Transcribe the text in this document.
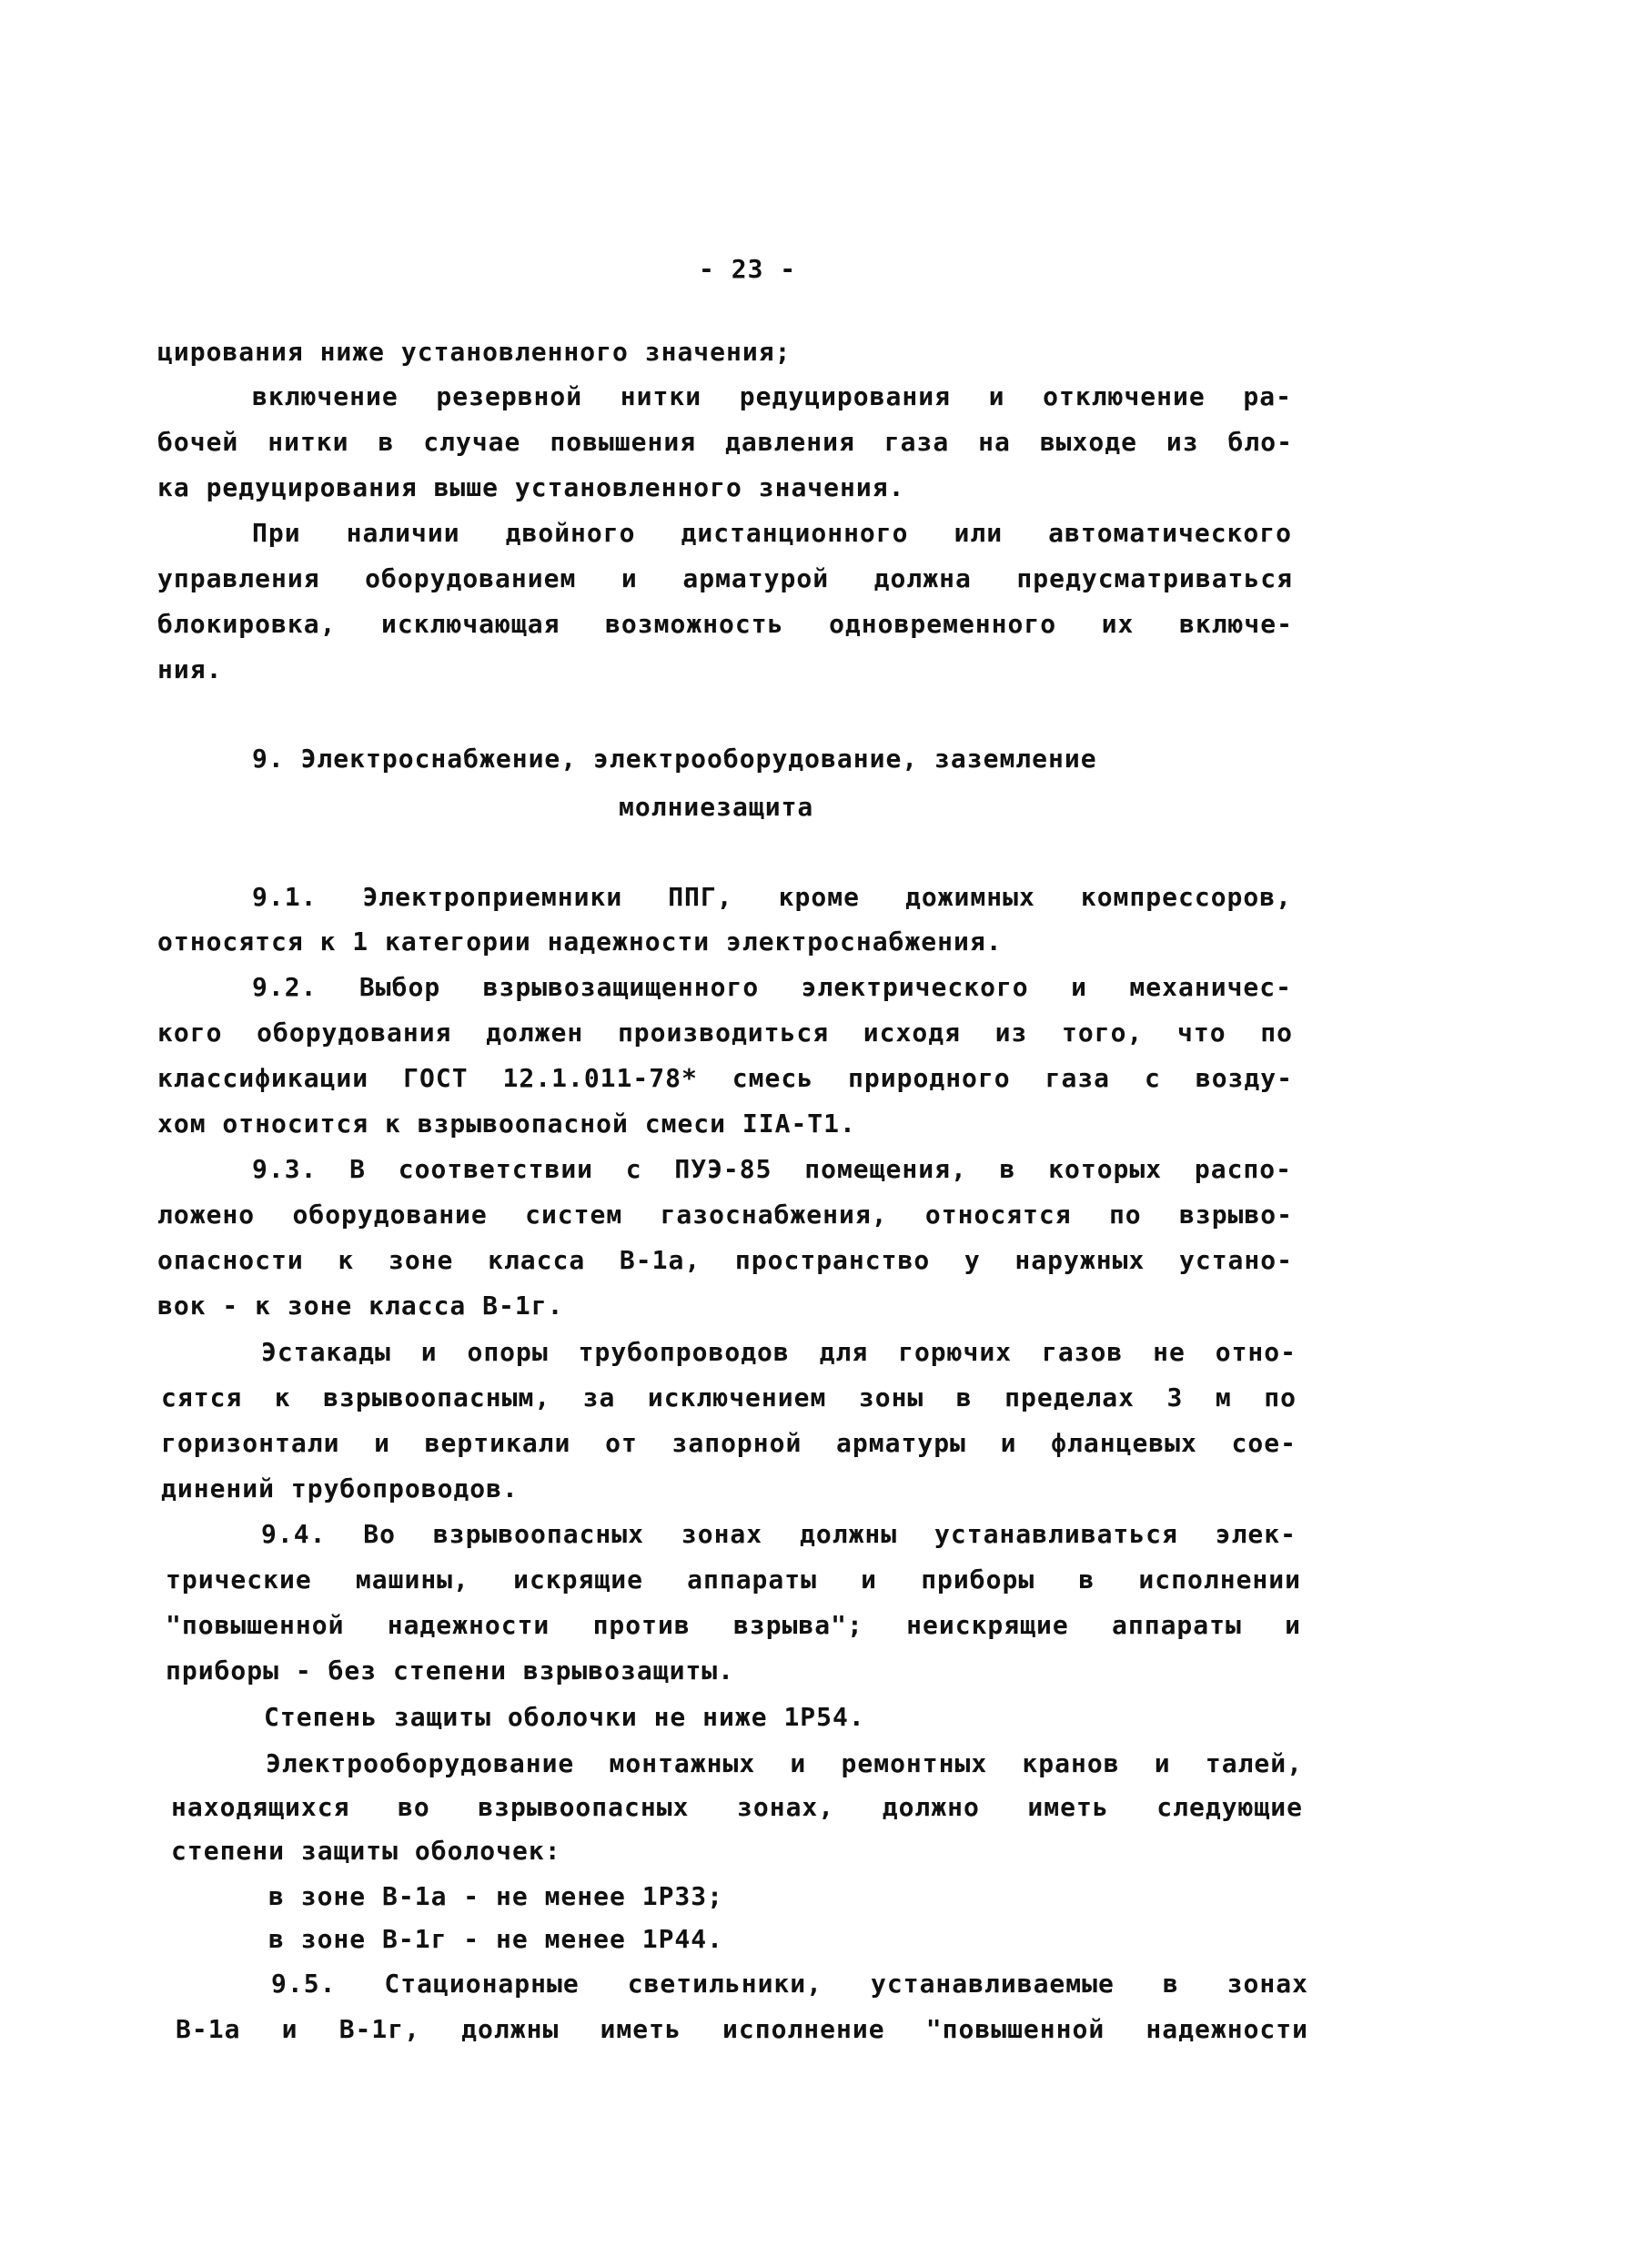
- 23 -
цирования ниже установленного значения;
включение резервной нитки редуцирования и отключение ра-
бочей нитки в случае повышения давления газа на выходе из бло-
ка редуцирования выше установленного значения.
При наличии двойного дистанционного или автоматического
управления оборудованием и арматурой должна предусматриваться
блокировка, исключающая возможность одновременного их включе-
ния.
9. Электроснабжение, электрооборудование, заземление
молниезащита
9.1. Электроприемники ППГ, кроме дожимных компрессоров,
относятся к 1 категории надежности электроснабжения.
9.2. Выбор взрывозащищенного электрического и механичес-
кого оборудования должен производиться исходя из того, что по
классификации ГОСТ 12.1.011-78* смесь природного газа с возду-
хом относится к взрывоопасной смеси IIA-T1.
9.3. В соответствии с ПУЭ-85 помещения, в которых распо-
ложено оборудование систем газоснабжения, относятся по взрыво-
опасности к зоне класса В-1а, пространство у наружных устано-
вок - к зоне класса В-1г.
Эстакады и опоры трубопроводов для горючих газов не отно-
сятся к взрывоопасным, за исключением зоны в пределах 3 м по
горизонтали и вертикали от запорной арматуры и фланцевых сое-
динений трубопроводов.
9.4. Во взрывоопасных зонах должны устанавливаться элек-
трические машины, искрящие аппараты и приборы в исполнении
"повышенной надежности против взрыва"; неискрящие аппараты и
приборы - без степени взрывозащиты.
Степень защиты оболочки не ниже 1Р54.
Электрооборудование монтажных и ремонтных кранов и талей,
находящихся во взрывоопасных зонах, должно иметь следующие
степени защиты оболочек:
в зоне В-1а - не менее 1Р33;
в зоне В-1г - не менее 1Р44.
9.5. Стационарные светильники, устанавливаемые в зонах
В-1а и В-1г, должны иметь исполнение "повышенной надежности
